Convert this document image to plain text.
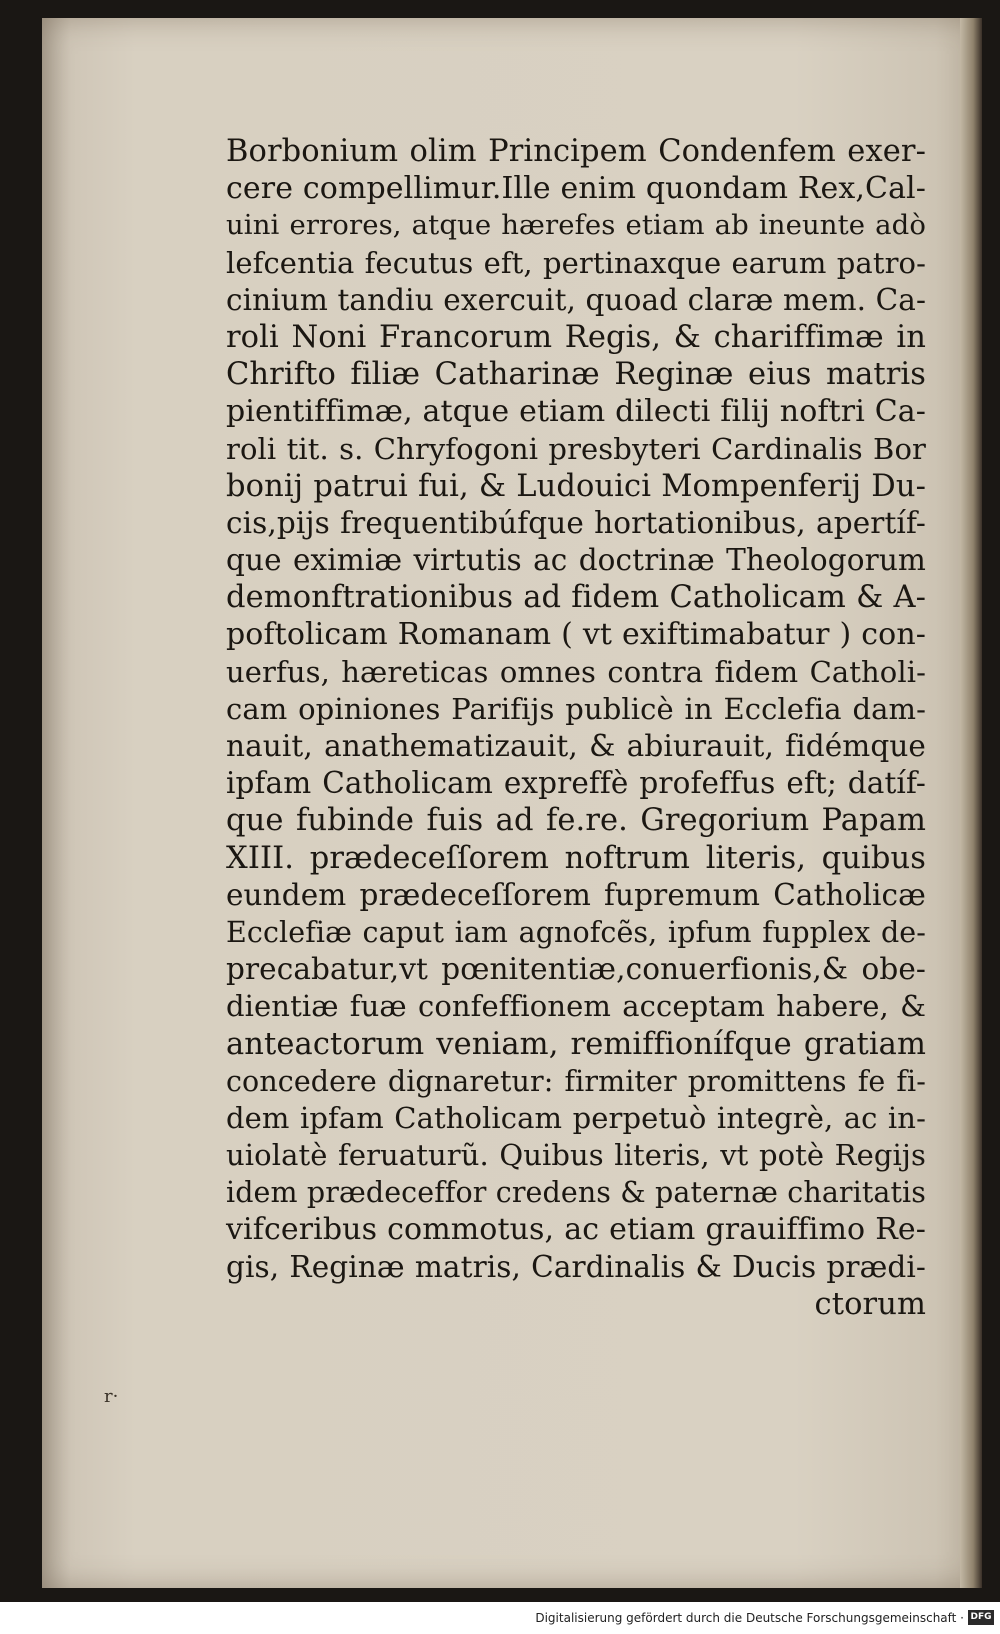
r·
Borbonium olim Principem Condenfem exer-
cere compellimur.Ille enim quondam Rex,Cal-
uini errores, atque hærefes etiam ab ineunte adò
lefcentia fecutus eft, pertinaxque earum patro-
cinium tandiu exercuit, quoad claræ mem. Ca-
roli Noni Francorum Regis, & chariffimæ in
Chrifto filiæ Catharinæ Reginæ eius matris
pientiffimæ, atque etiam dilecti filij noftri Ca-
roli tit. s. Chryfogoni presbyteri Cardinalis Bor
bonij patrui fui, & Ludouici Mompenferij Du-
cis,pijs frequentibúfque hortationibus, apertíf-
que eximiæ virtutis ac doctrinæ Theologorum
demonftrationibus ad fidem Catholicam & A-
poftolicam Romanam ( vt exiftimabatur ) con-
uerfus, hæreticas omnes contra fidem Catholi-
cam opiniones Parifijs publicè in Ecclefia dam-
nauit, anathematizauit, & abiurauit, fidémque
ipfam Catholicam expreffè profeffus eft; datíf-
que fubinde fuis ad fe.re. Gregorium Papam
XIII. prædeceſſorem noftrum literis, quibus
eundem prædeceſſorem fupremum Catholicæ
Ecclefiæ caput iam agnofcẽs, ipfum fupplex de-
precabatur,vt pœnitentiæ,conuerfionis,& obe-
dientiæ fuæ confeffionem acceptam habere, &
anteactorum veniam, remiffionífque gratiam
concedere dignaretur: firmiter promittens fe fi-
dem ipfam Catholicam perpetuò integrè, ac in-
uiolatè feruaturũ. Quibus literis, vt potè Regijs
idem prædeceffor credens & paternæ charitatis
vifceribus commotus, ac etiam grauiffimo Re-
gis, Reginæ matris, Cardinalis & Ducis prædi-
ctorum
Digitalisierung gefördert durch die Deutsche Forschungsgemeinschaft · DFG
